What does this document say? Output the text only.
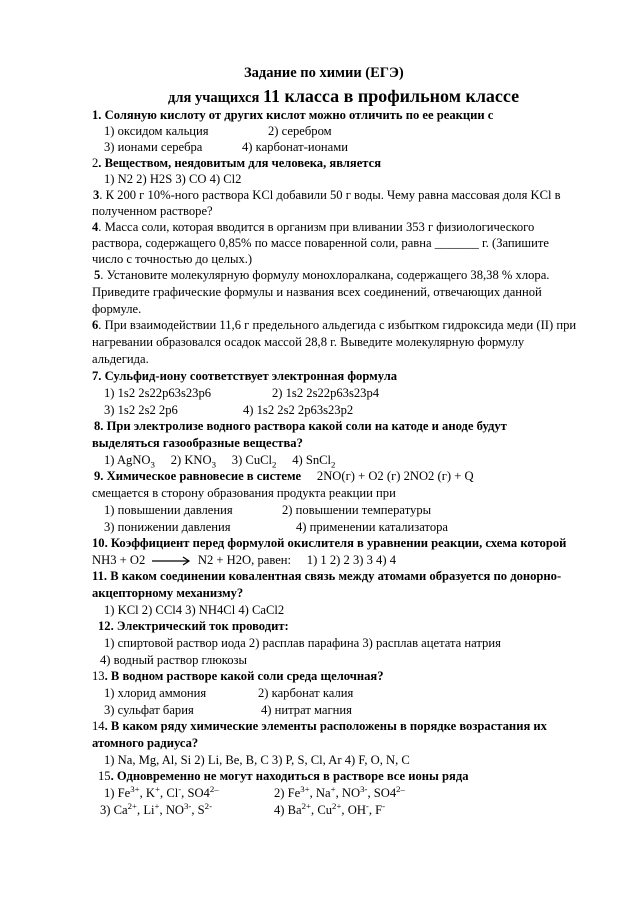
Задание по химии (ЕГЭ)
для учащихся 11 класса в профильном классе
1. Соляную кислоту от других кислот можно отличить по ее реакции с
1) оксидом кальция	2) серебром
3) ионами серебра	4) карбонат-ионами
2. Веществом, неядовитым для человека, является
1) N2 2) H2S 3) CO 4) Cl2
3. К 200 г 10%-ного раствора KCl добавили 50 г воды. Чему равна массовая доля KCl в
полученном растворе?
4. Масса соли, которая вводится в организм при вливании 353 г физиологического
раствора, содержащего 0,85% по массе поваренной соли, равна _______ г. (Запишите
число с точностью до целых.)
5. Установите молекулярную формулу монохлоралкана, содержащего 38,38 % хлора.
Приведите графические формулы и названия всех соединений, отвечающих данной
формуле.
6. При взаимодействии 11,6 г предельного альдегида с избытком гидроксида меди (II) при
нагревании образовался осадок массой 28,8 г. Выведите молекулярную формулу
альдегида.
7. Сульфид-иону соответствует электронная формула
1) 1s2 2s22p63s23p6	2) 1s2 2s22p63s23p4
3) 1s2 2s2 2p6	4) 1s2 2s2 2p63s23p2
8. При электролизе водного раствора какой соли на катоде и аноде будут
выделяться газообразные вещества?
1) AgNO$_3$ 2) $KNO_3$ 3) CuCl$_2$ 4) SnCl$_2$
9. Химическое равновесие в системе 2NO(г) + O2 (г) 2NO2 (г) + Q
смещается в сторону образования продукта реакции при
1) повышении давления	2) повышении температуры
3) понижении давления	4) применении катализатора
10. Коэффициент перед формулой окислителя в уравнении реакции, схема которой
NH3 + O2 → N2 + H2O, равен: 1) 1 2) 2 3) 3 4) 4
11. В каком соединении ковалентная связь между атомами образуется по донорно-
акцепторному механизму?
1) KCl 2) CCl4 3) NH4Cl 4) CaCl2
12. Электрический ток проводит:
1) спиртовой раствор иода 2) расплав парафина 3) расплав ацетата натрия
4) водный раствор глюкозы
13. В водном растворе какой соли среда щелочная?
1) хлорид аммония	2) карбонат калия
3) сульфат бария	4) нитрат магния
14. В каком ряду химические элементы расположены в порядке возрастания их
атомного радиуса?
1) Na, Mg, Al, Si 2) Li, Be, B, C 3) P, S, Cl, Ar 4) F, O, N, C
15. Одновременно не могут находиться в растворе все ионы ряда
1) $Fe^{3+}$, K+, Cl-, $SO4^{2-}$	2) $Fe^{3+}$, Na+, $NO^{3-}$, $SO4^{2-}$
3) $Ca^{2+}$, Li+, $NO^{3-}$, $S^{2-}$	4) $Ba^{2+}$, $Cu^{2+}$, OH-, F-
